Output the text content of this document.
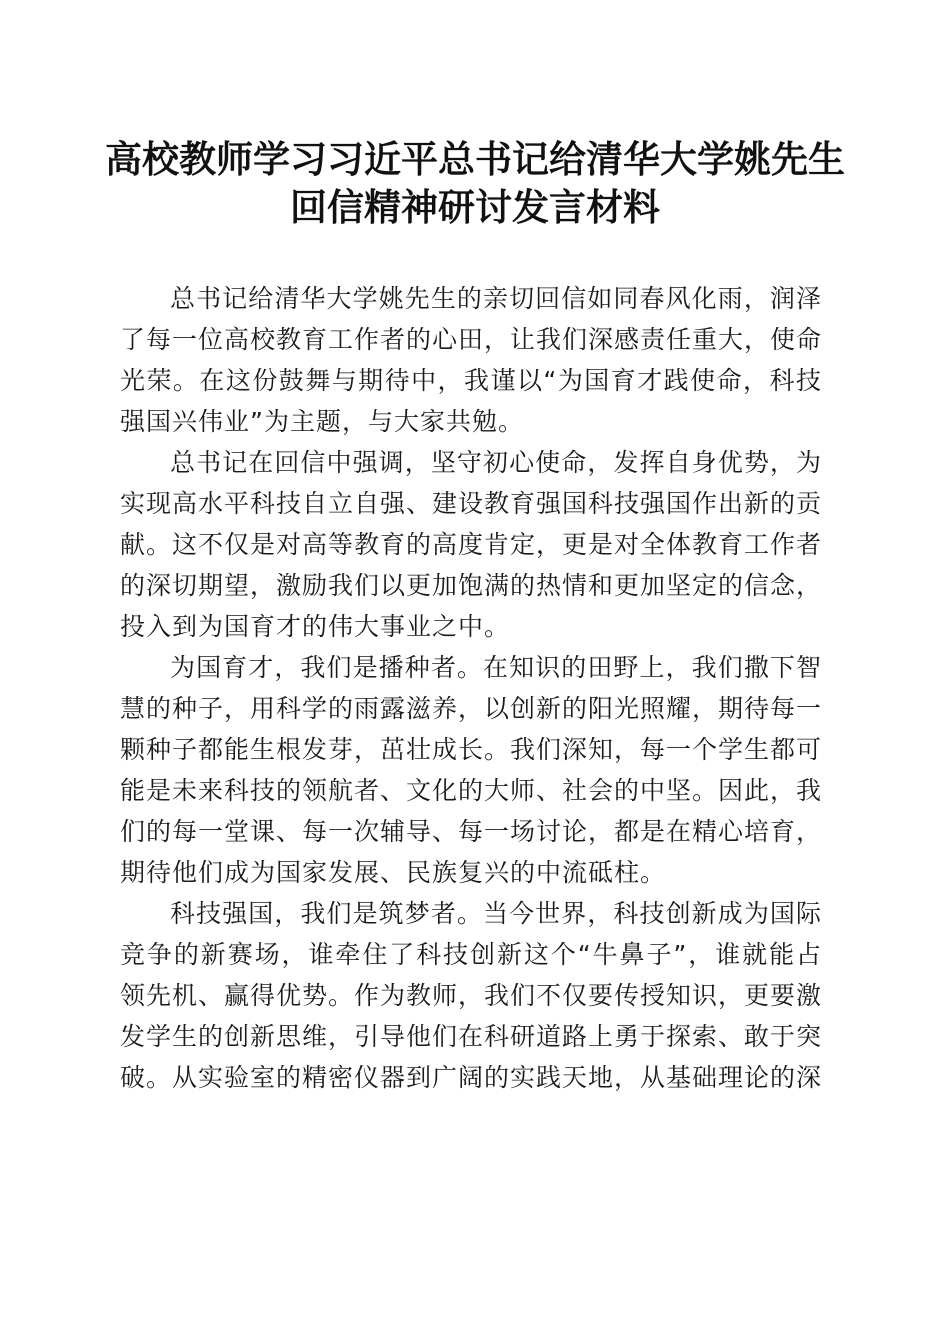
高校教师学习习近平总书记给清华大学姚先生
回信精神研讨发言材料

总书记给清华大学姚先生的亲切回信如同春风化雨，润泽了每一位高校教育工作者的心田，让我们深感责任重大，使命光荣。在这份鼓舞与期待中，我谨以“为国育才践使命，科技强国兴伟业”为主题，与大家共勉。

总书记在回信中强调，坚守初心使命，发挥自身优势，为实现高水平科技自立自强、建设教育强国科技强国作出新的贡献。这不仅是对高等教育的高度肯定，更是对全体教育工作者的深切期望，激励我们以更加饱满的热情和更加坚定的信念，投入到为国育才的伟大事业之中。

为国育才，我们是播种者。在知识的田野上，我们撒下智慧的种子，用科学的雨露滋养，以创新的阳光照耀，期待每一颗种子都能生根发芽，茁壮成长。我们深知，每一个学生都可能是未来科技的领航者、文化的大师、社会的中坚。因此，我们的每一堂课、每一次辅导、每一场讨论，都是在精心培育，期待他们成为国家发展、民族复兴的中流砥柱。

科技强国，我们是筑梦者。当今世界，科技创新成为国际竞争的新赛场，谁牵住了科技创新这个“牛鼻子”，谁就能占领先机、赢得优势。作为教师，我们不仅要传授知识，更要激发学生的创新思维，引导他们在科研道路上勇于探索、敢于突破。从实验室的精密仪器到广阔的实践天地，从基础理论的深
